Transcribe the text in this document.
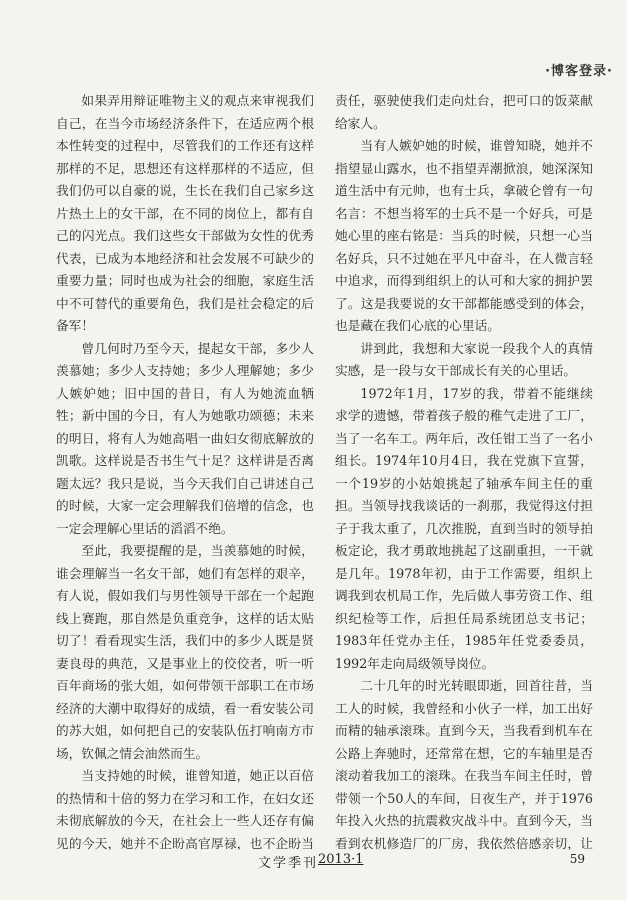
·博客登录·

如果弄用辩证唯物主义的观点来审视我们自己，在当今市场经济条件下，在适应两个根本性转变的过程中，尽管我们的工作还有这样那样的不足，思想还有这样那样的不适应，但我们仍可以自豪的说，生长在我们自己家乡这片热土上的女干部，在不同的岗位上，都有自己的闪光点。我们这些女干部做为女性的优秀代表，已成为本地经济和社会发展不可缺少的重要力量；同时也成为社会的细胞，家庭生活中不可替代的重要角色，我们是社会稳定的后备军！

曾几何时乃至今天，提起女干部，多少人羡慕她；多少人支持她；多少人理解她；多少人嫉妒她；旧中国的昔日，有人为她流血牺牲；新中国的今日，有人为她歌功颂德；未来的明日，将有人为她高唱一曲妇女彻底解放的凯歌。这样说是否书生气十足？这样讲是否离题太远？我只是说，当今天我们自己讲述自己的时候，大家一定会理解我们倍增的信念，也一定会理解心里话的滔滔不绝。

至此，我要提醒的是，当羡慕她的时候，谁会理解当一名女干部，她们有怎样的艰辛，有人说，假如我们与男性领导干部在一个起跑线上赛跑，那自然是负重竞争，这样的话太贴切了！看看现实生活，我们中的多少人既是贤妻良母的典范，又是事业上的佼佼者，听一听百年商场的张大姐，如何带领干部职工在市场经济的大潮中取得好的成绩，看一看安装公司的苏大姐，如何把自己的安装队伍打响南方市场，钦佩之情会油然而生。

当支持她的时候，谁曾知道，她正以百倍的热情和十倍的努力在学习和工作，在妇女还未彻底解放的今天，在社会上一些人还存有偏见的今天，她并不企盼高官厚禄，也不企盼当

责任，驱驶使我们走向灶台，把可口的饭菜献给家人。

当有人嫉妒她的时候，谁曾知晓，她并不指望显山露水，也不指望弄潮掀浪，她深深知道生活中有元帅，也有士兵，拿破仑曾有一句名言：不想当将军的士兵不是一个好兵，可是她心里的座右铭是：当兵的时候，只想一心当名好兵，只不过她在平凡中奋斗，在人微言轻中追求，而得到组织上的认可和大家的拥护罢了。这是我要说的女干部都能感受到的体会，也是藏在我们心底的心里话。

讲到此，我想和大家说一段我个人的真情实感，是一段与女干部成长有关的心里话。

1972年1月，17岁的我，带着不能继续求学的遗憾，带着孩子般的稚气走进了工厂，当了一名车工。两年后，改任钳工当了一名小组长。1974年10月4日，我在党旗下宣誓，一个19岁的小姑娘挑起了轴承车间主任的重担。当领导找我谈话的一刹那，我觉得这付担子于我太重了，几次推脱，直到当时的领导拍板定论，我才勇敢地挑起了这副重担，一干就是几年。1978年初，由于工作需要，组织上调我到农机局工作，先后做人事劳资工作、组织纪检等工作，后担任局系统团总支书记；1983年任党办主任，1985年任党委委员，1992年走向局级领导岗位。

二十几年的时光转眼即逝，回首往昔，当工人的时候，我曾经和小伙子一样，加工出好而精的轴承滚珠。直到今天，当我看到机车在公路上奔驰时，还常常在想，它的车轴里是否滚动着我加工的滚珠。在我当车间主任时，曾带领一个50人的车间，日夜生产，并于1976年投入火热的抗震救灾战斗中。直到今天，当看到农机修造厂的厂房，我依然倍感亲切，让

文学季刊 2013·1	59
